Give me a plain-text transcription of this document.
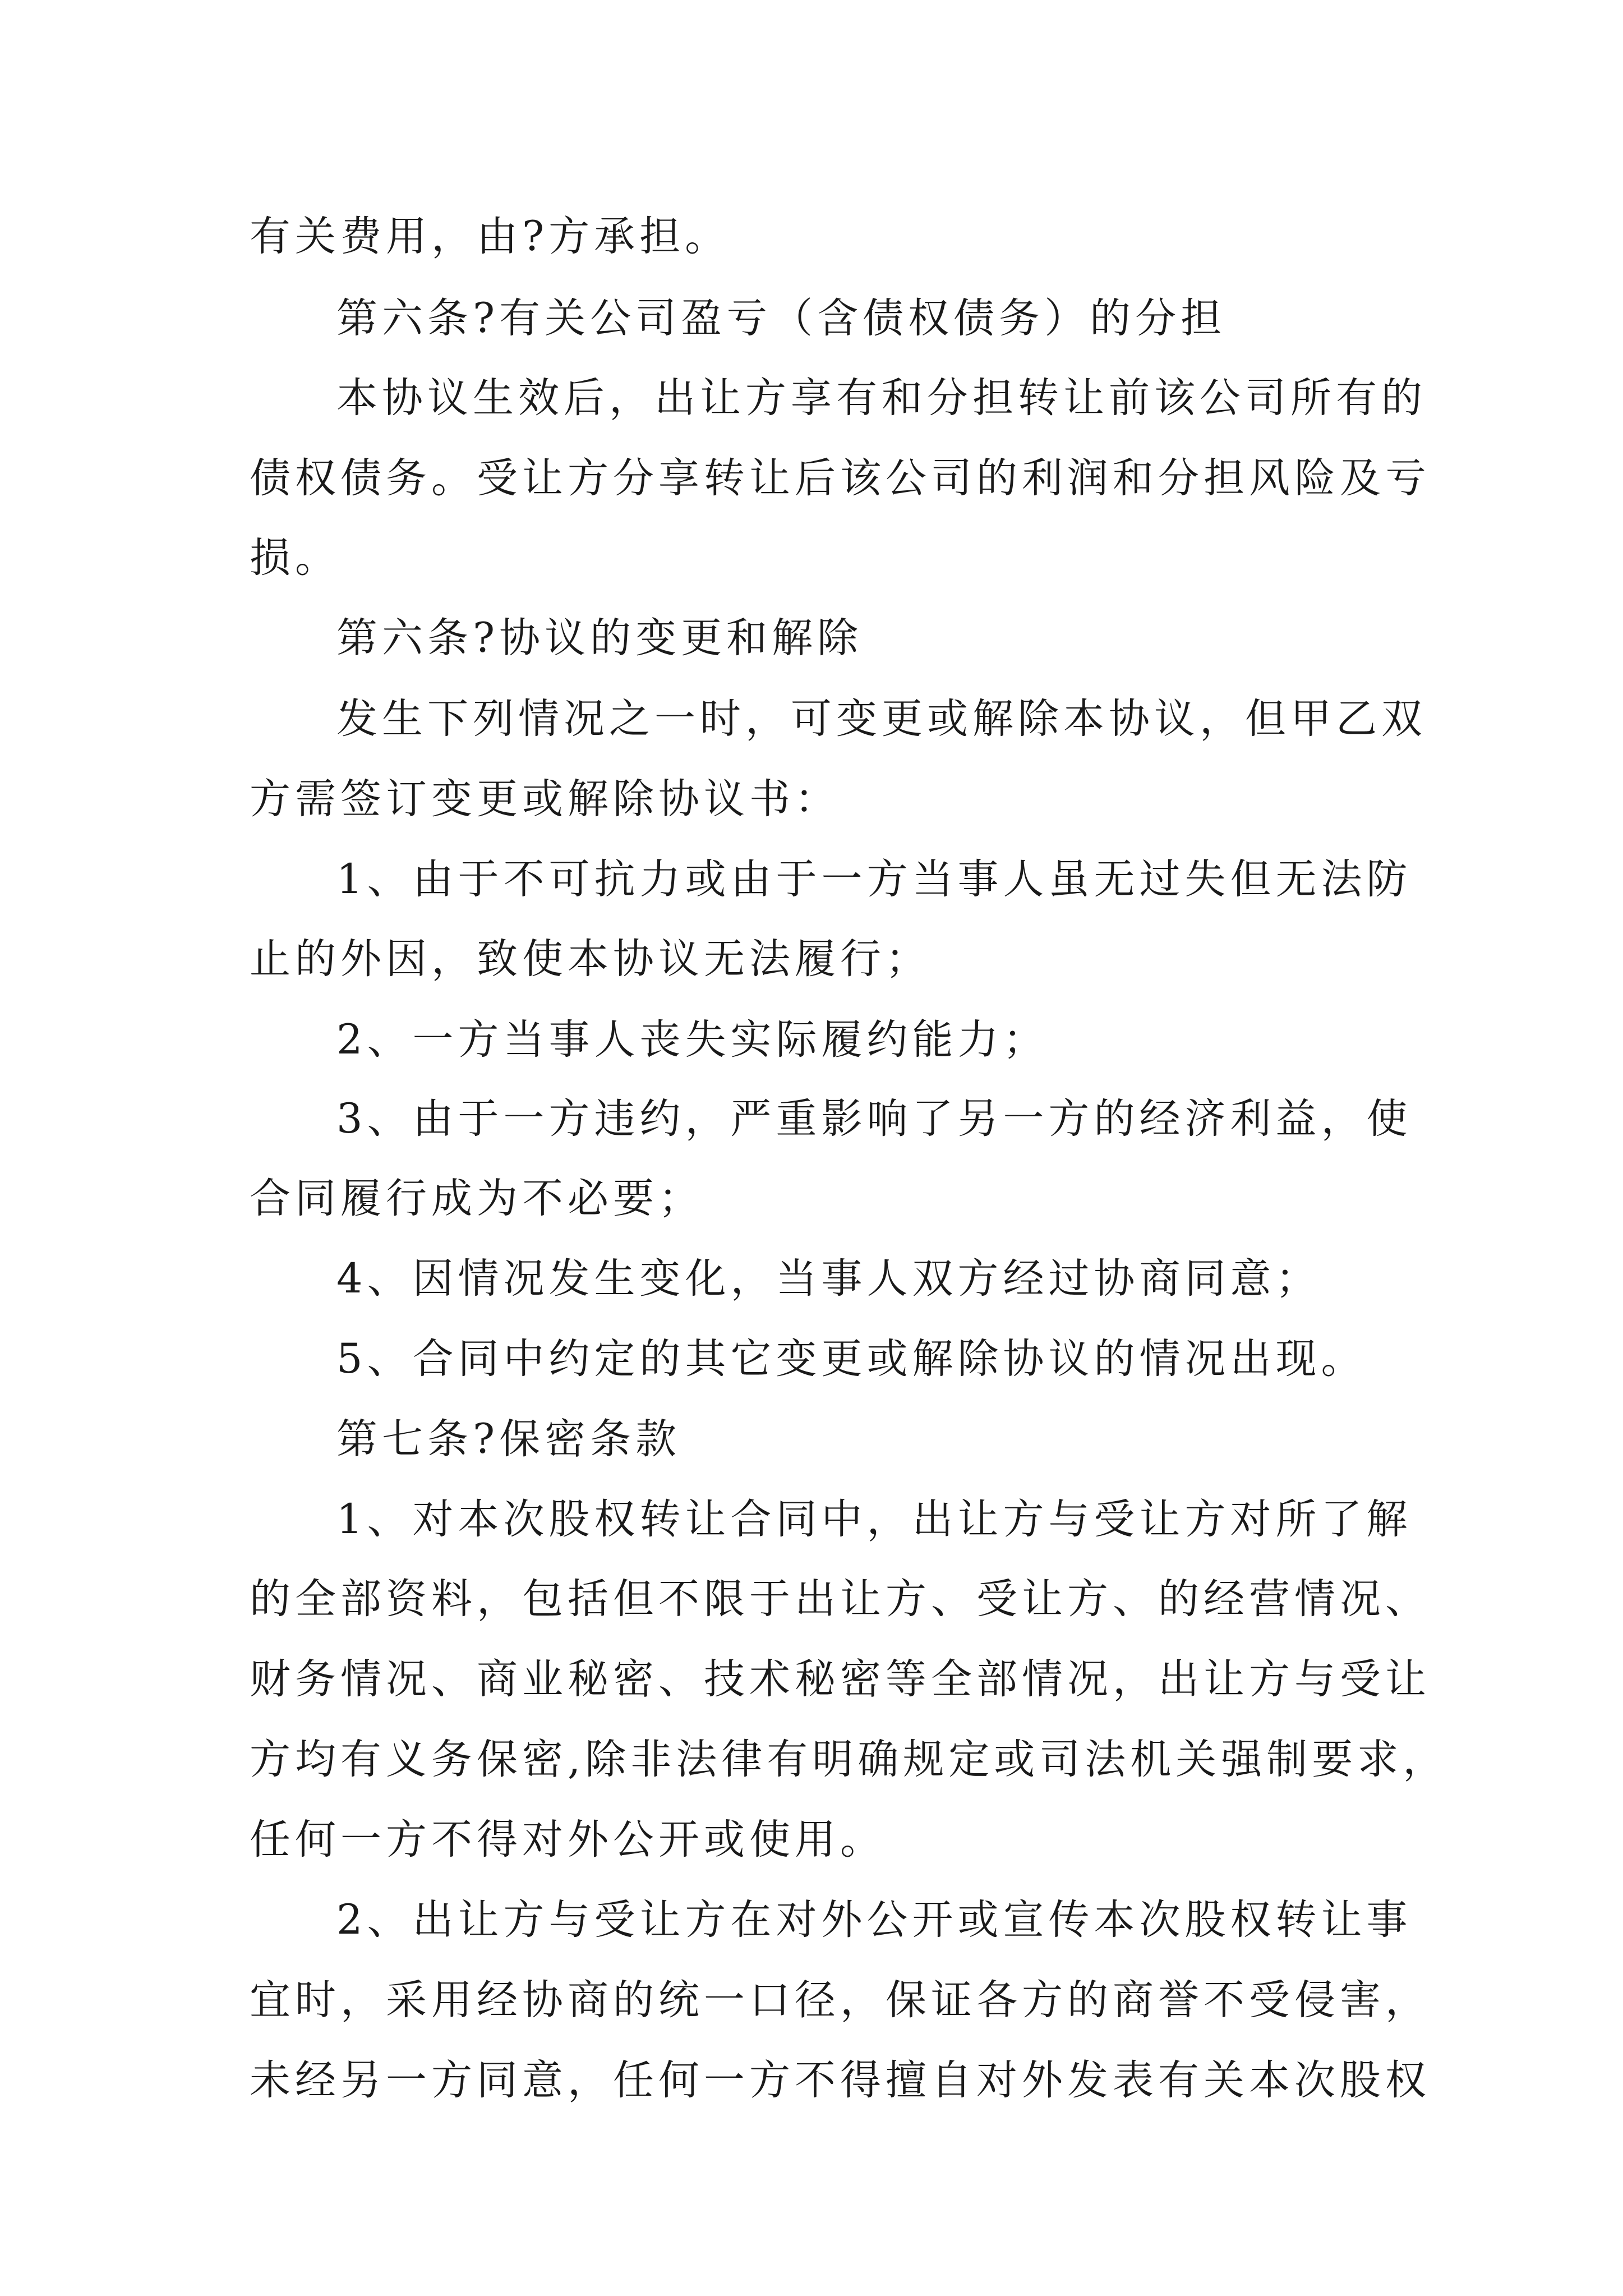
有关费用，由?方承担。
第六条?有关公司盈亏（含债权债务）的分担
本协议生效后，出让方享有和分担转让前该公司所有的
债权债务。受让方分享转让后该公司的利润和分担风险及亏
损。
第六条?协议的变更和解除
发生下列情况之一时，可变更或解除本协议，但甲乙双
方需签订变更或解除协议书：
1、由于不可抗力或由于一方当事人虽无过失但无法防
止的外因，致使本协议无法履行；
2、一方当事人丧失实际履约能力；
3、由于一方违约，严重影响了另一方的经济利益，使
合同履行成为不必要；
4、因情况发生变化，当事人双方经过协商同意；
5、合同中约定的其它变更或解除协议的情况出现。
第七条?保密条款
1、对本次股权转让合同中，出让方与受让方对所了解
的全部资料，包括但不限于出让方、受让方、的经营情况、
财务情况、商业秘密、技术秘密等全部情况，出让方与受让
方均有义务保密,除非法律有明确规定或司法机关强制要求，
任何一方不得对外公开或使用。
2、出让方与受让方在对外公开或宣传本次股权转让事
宜时，采用经协商的统一口径，保证各方的商誉不受侵害，
未经另一方同意，任何一方不得擅自对外发表有关本次股权
